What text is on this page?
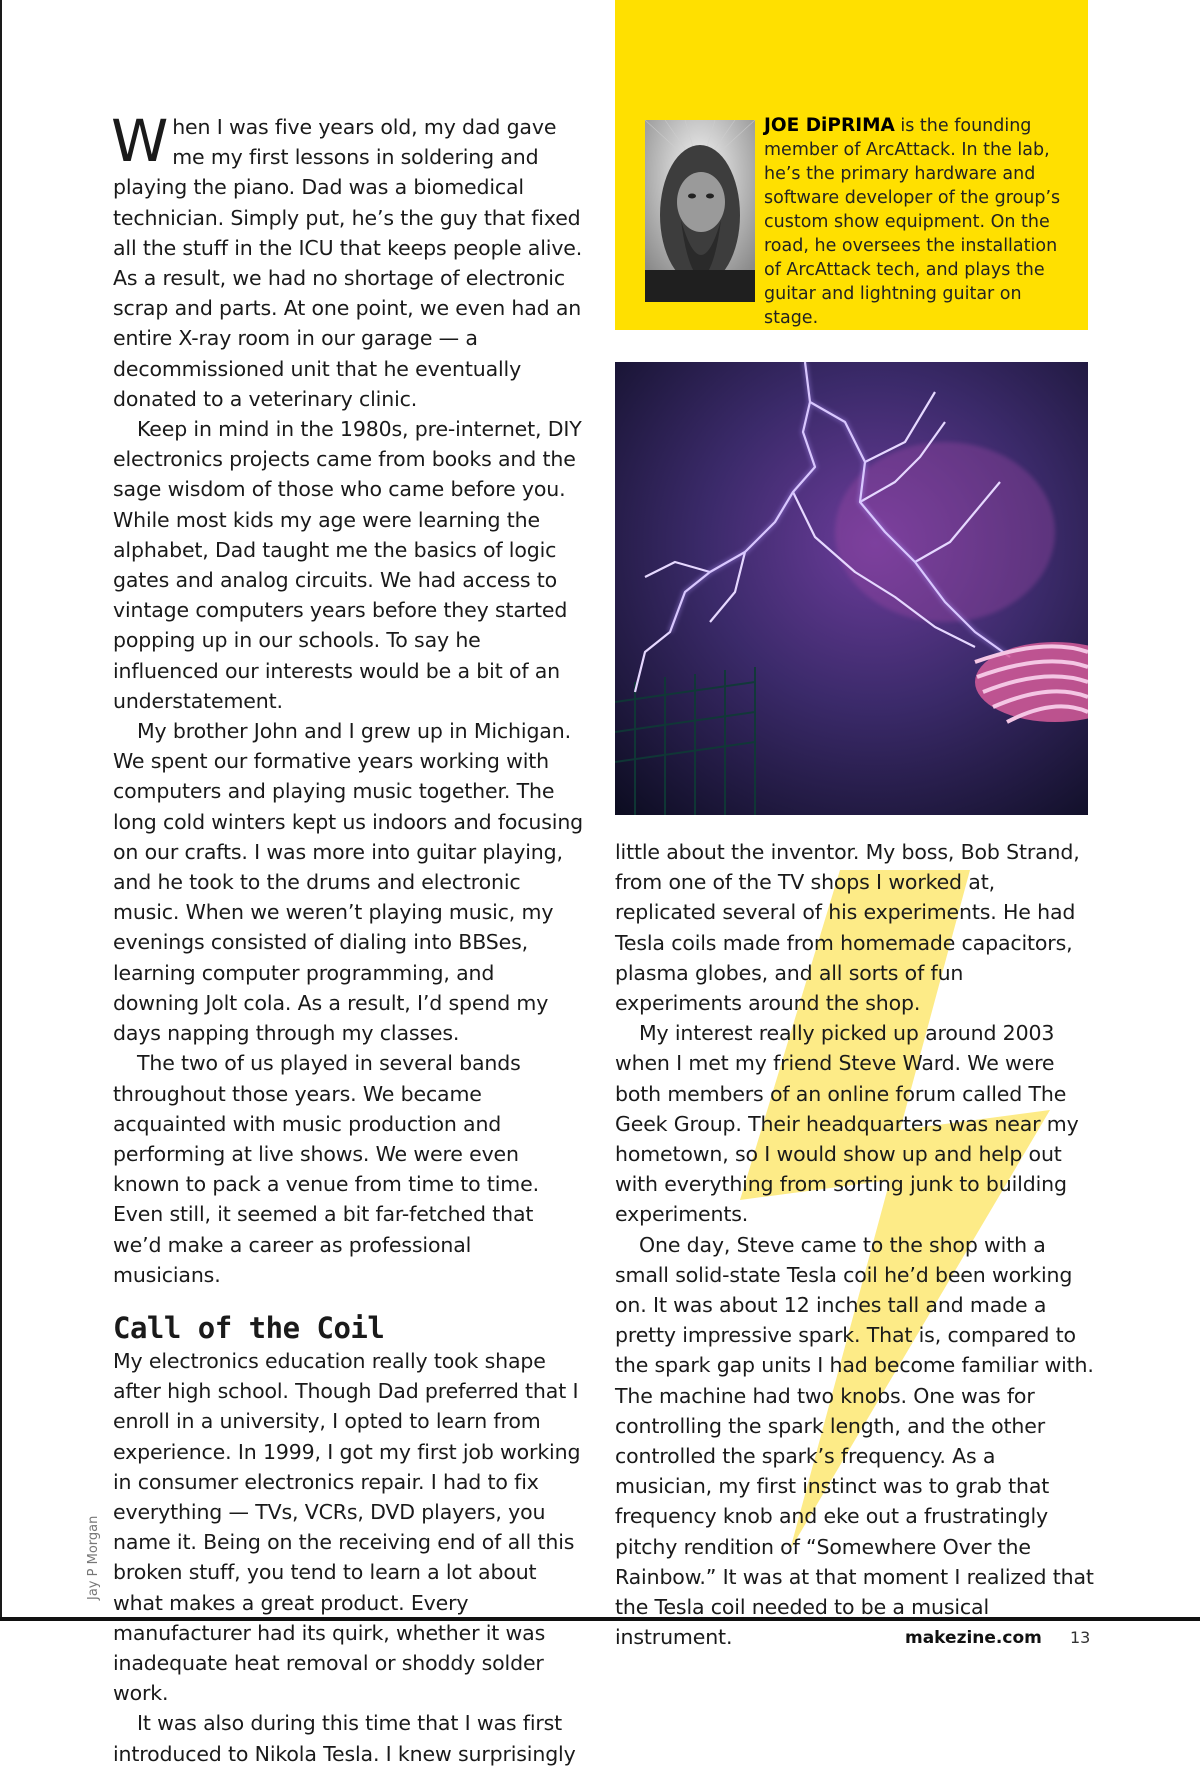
JOE DiPRIMA is the founding member of ArcAttack. In the lab, he’s the primary hardware and software developer of the group’s custom show equipment. On the road, he oversees the installation of ArcAttack tech, and plays the guitar and lightning guitar on stage.

When I was five years old, my dad gave me my first lessons in soldering and playing the piano. Dad was a biomedical technician. Simply put, he’s the guy that fixed all the stuff in the ICU that keeps people alive. As a result, we had no shortage of electronic scrap and parts. At one point, we even had an entire X-ray room in our garage — a decommissioned unit that he eventually donated to a veterinary clinic.

Keep in mind in the 1980s, pre-internet, DIY electronics projects came from books and the sage wisdom of those who came before you. While most kids my age were learning the alphabet, Dad taught me the basics of logic gates and analog circuits. We had access to vintage computers years before they started popping up in our schools. To say he influenced our interests would be a bit of an understatement.

My brother John and I grew up in Michigan. We spent our formative years working with computers and playing music together. The long cold winters kept us indoors and focusing on our crafts. I was more into guitar playing, and he took to the drums and electronic music. When we weren’t playing music, my evenings consisted of dialing into BBSes, learning computer programming, and downing Jolt cola. As a result, I’d spend my days napping through my classes.

The two of us played in several bands throughout those years. We became acquainted with music production and performing at live shows. We were even known to pack a venue from time to time. Even still, it seemed a bit far-fetched that we’d make a career as professional musicians.

Call of the Coil

My electronics education really took shape after high school. Though Dad preferred that I enroll in a university, I opted to learn from experience. In 1999, I got my first job working in consumer electronics repair. I had to fix everything — TVs, VCRs, DVD players, you name it. Being on the receiving end of all this broken stuff, you tend to learn a lot about what makes a great product. Every manufacturer had its quirk, whether it was inadequate heat removal or shoddy solder work.

It was also during this time that I was first introduced to Nikola Tesla. I knew surprisingly

little about the inventor. My boss, Bob Strand, from one of the TV shops I worked at, replicated several of his experiments. He had Tesla coils made from homemade capacitors, plasma globes, and all sorts of fun experiments around the shop.

My interest really picked up around 2003 when I met my friend Steve Ward. We were both members of an online forum called The Geek Group. Their headquarters was near my hometown, so I would show up and help out with everything from sorting junk to building experiments.

One day, Steve came to the shop with a small solid-state Tesla coil he’d been working on. It was about 12 inches tall and made a pretty impressive spark. That is, compared to the spark gap units I had become familiar with. The machine had two knobs. One was for controlling the spark length, and the other controlled the spark’s frequency. As a musician, my first instinct was to grab that frequency knob and eke out a frustratingly pitchy rendition of “Somewhere Over the Rainbow.” It was at that moment I realized that the Tesla coil needed to be a musical instrument.

Jay P Morgan
makezine.com 13
